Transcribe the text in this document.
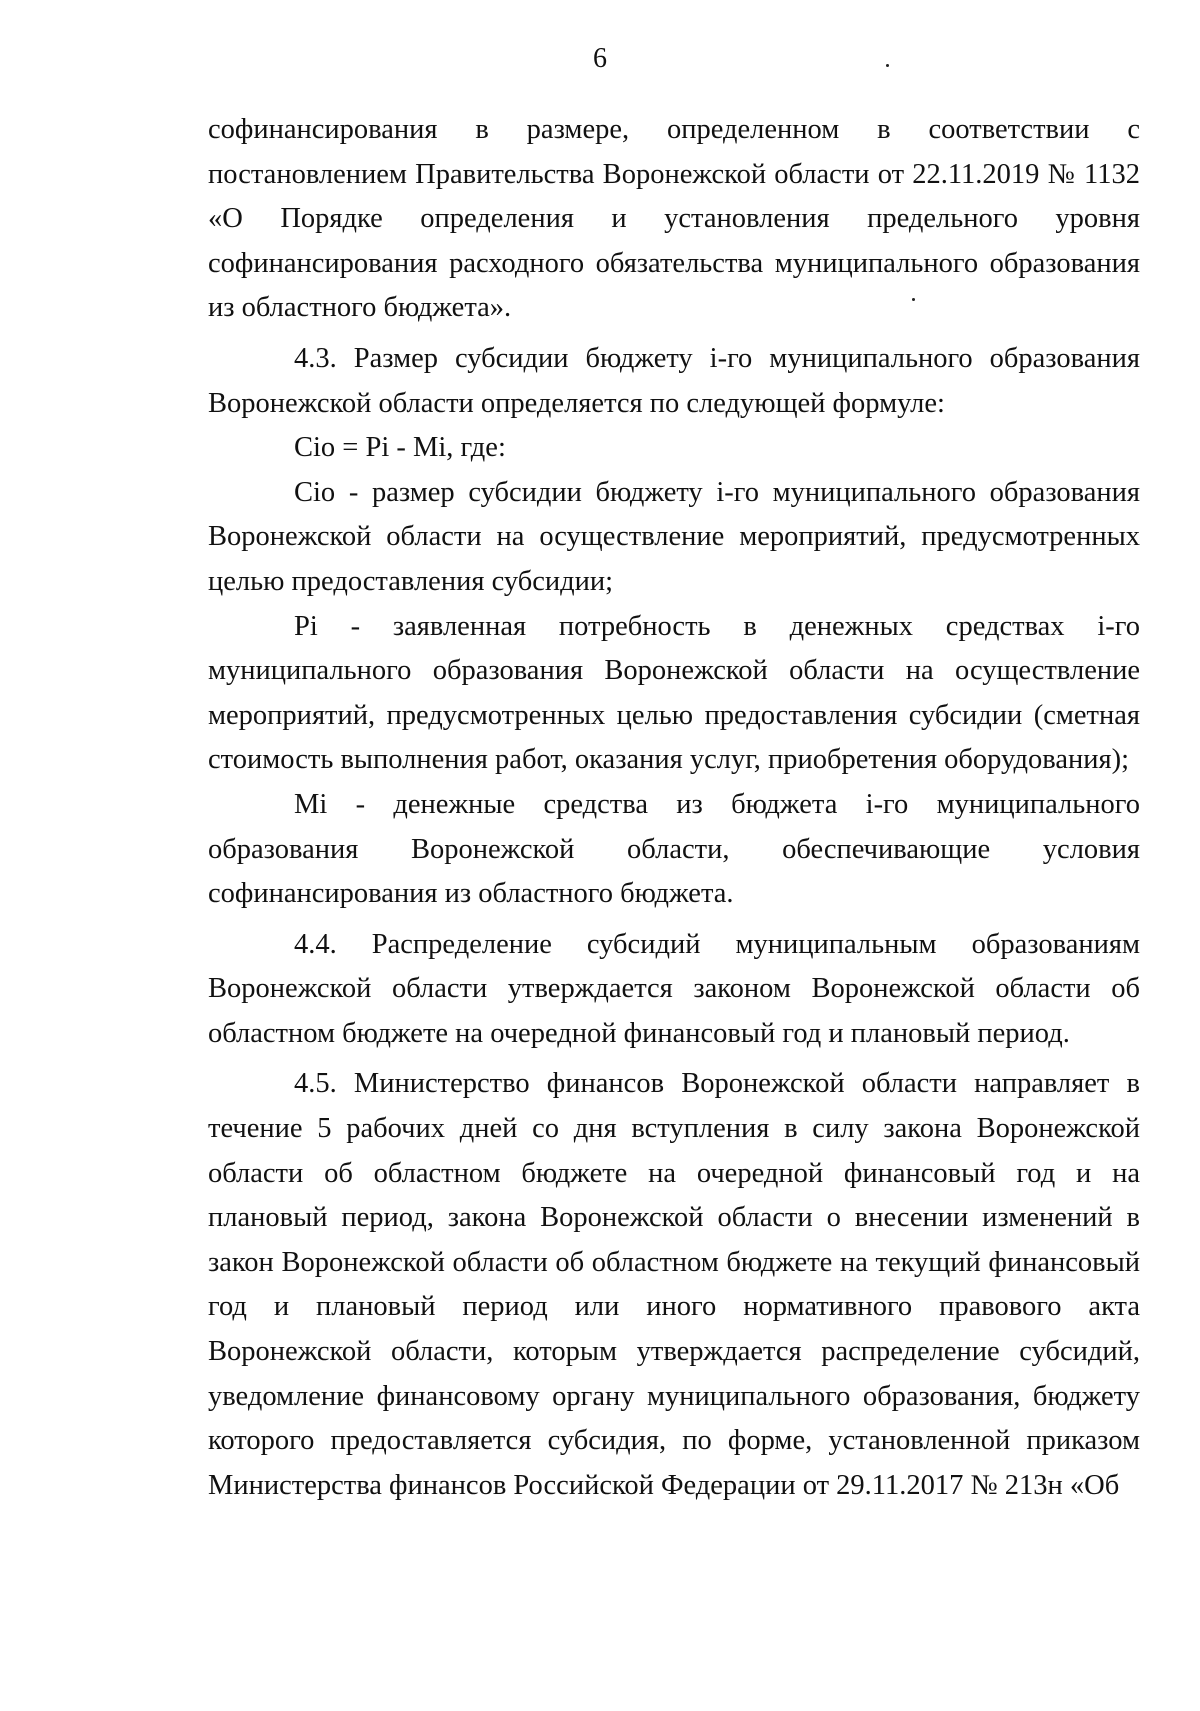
6

софинансирования в размере, определенном в соответствии с постановлением Правительства Воронежской области от 22.11.2019 № 1132 «О Порядке определения и установления предельного уровня софинансирования расходного обязательства муниципального образования из областного бюджета».

4.3. Размер субсидии бюджету i-го муниципального образования Воронежской области определяется по следующей формуле:

Cio = Pi - Mi, где:

Cio - размер субсидии бюджету i-го муниципального образования Воронежской области на осуществление мероприятий, предусмотренных целью предоставления субсидии;

Pi - заявленная потребность в денежных средствах i-го муниципального образования Воронежской области на осуществление мероприятий, предусмотренных целью предоставления субсидии (сметная стоимость выполнения работ, оказания услуг, приобретения оборудования);

Mi - денежные средства из бюджета i-го муниципального образования Воронежской области, обеспечивающие условия софинансирования из областного бюджета.

4.4. Распределение субсидий муниципальным образованиям Воронежской области утверждается законом Воронежской области об областном бюджете на очередной финансовый год и плановый период.

4.5. Министерство финансов Воронежской области направляет в течение 5 рабочих дней со дня вступления в силу закона Воронежской области об областном бюджете на очередной финансовый год и на плановый период, закона Воронежской области о внесении изменений в закон Воронежской области об областном бюджете на текущий финансовый год и плановый период или иного нормативного правового акта Воронежской области, которым утверждается распределение субсидий, уведомление финансовому органу муниципального образования, бюджету которого предоставляется субсидия, по форме, установленной приказом Министерства финансов Российской Федерации от 29.11.2017 № 213н «Об
